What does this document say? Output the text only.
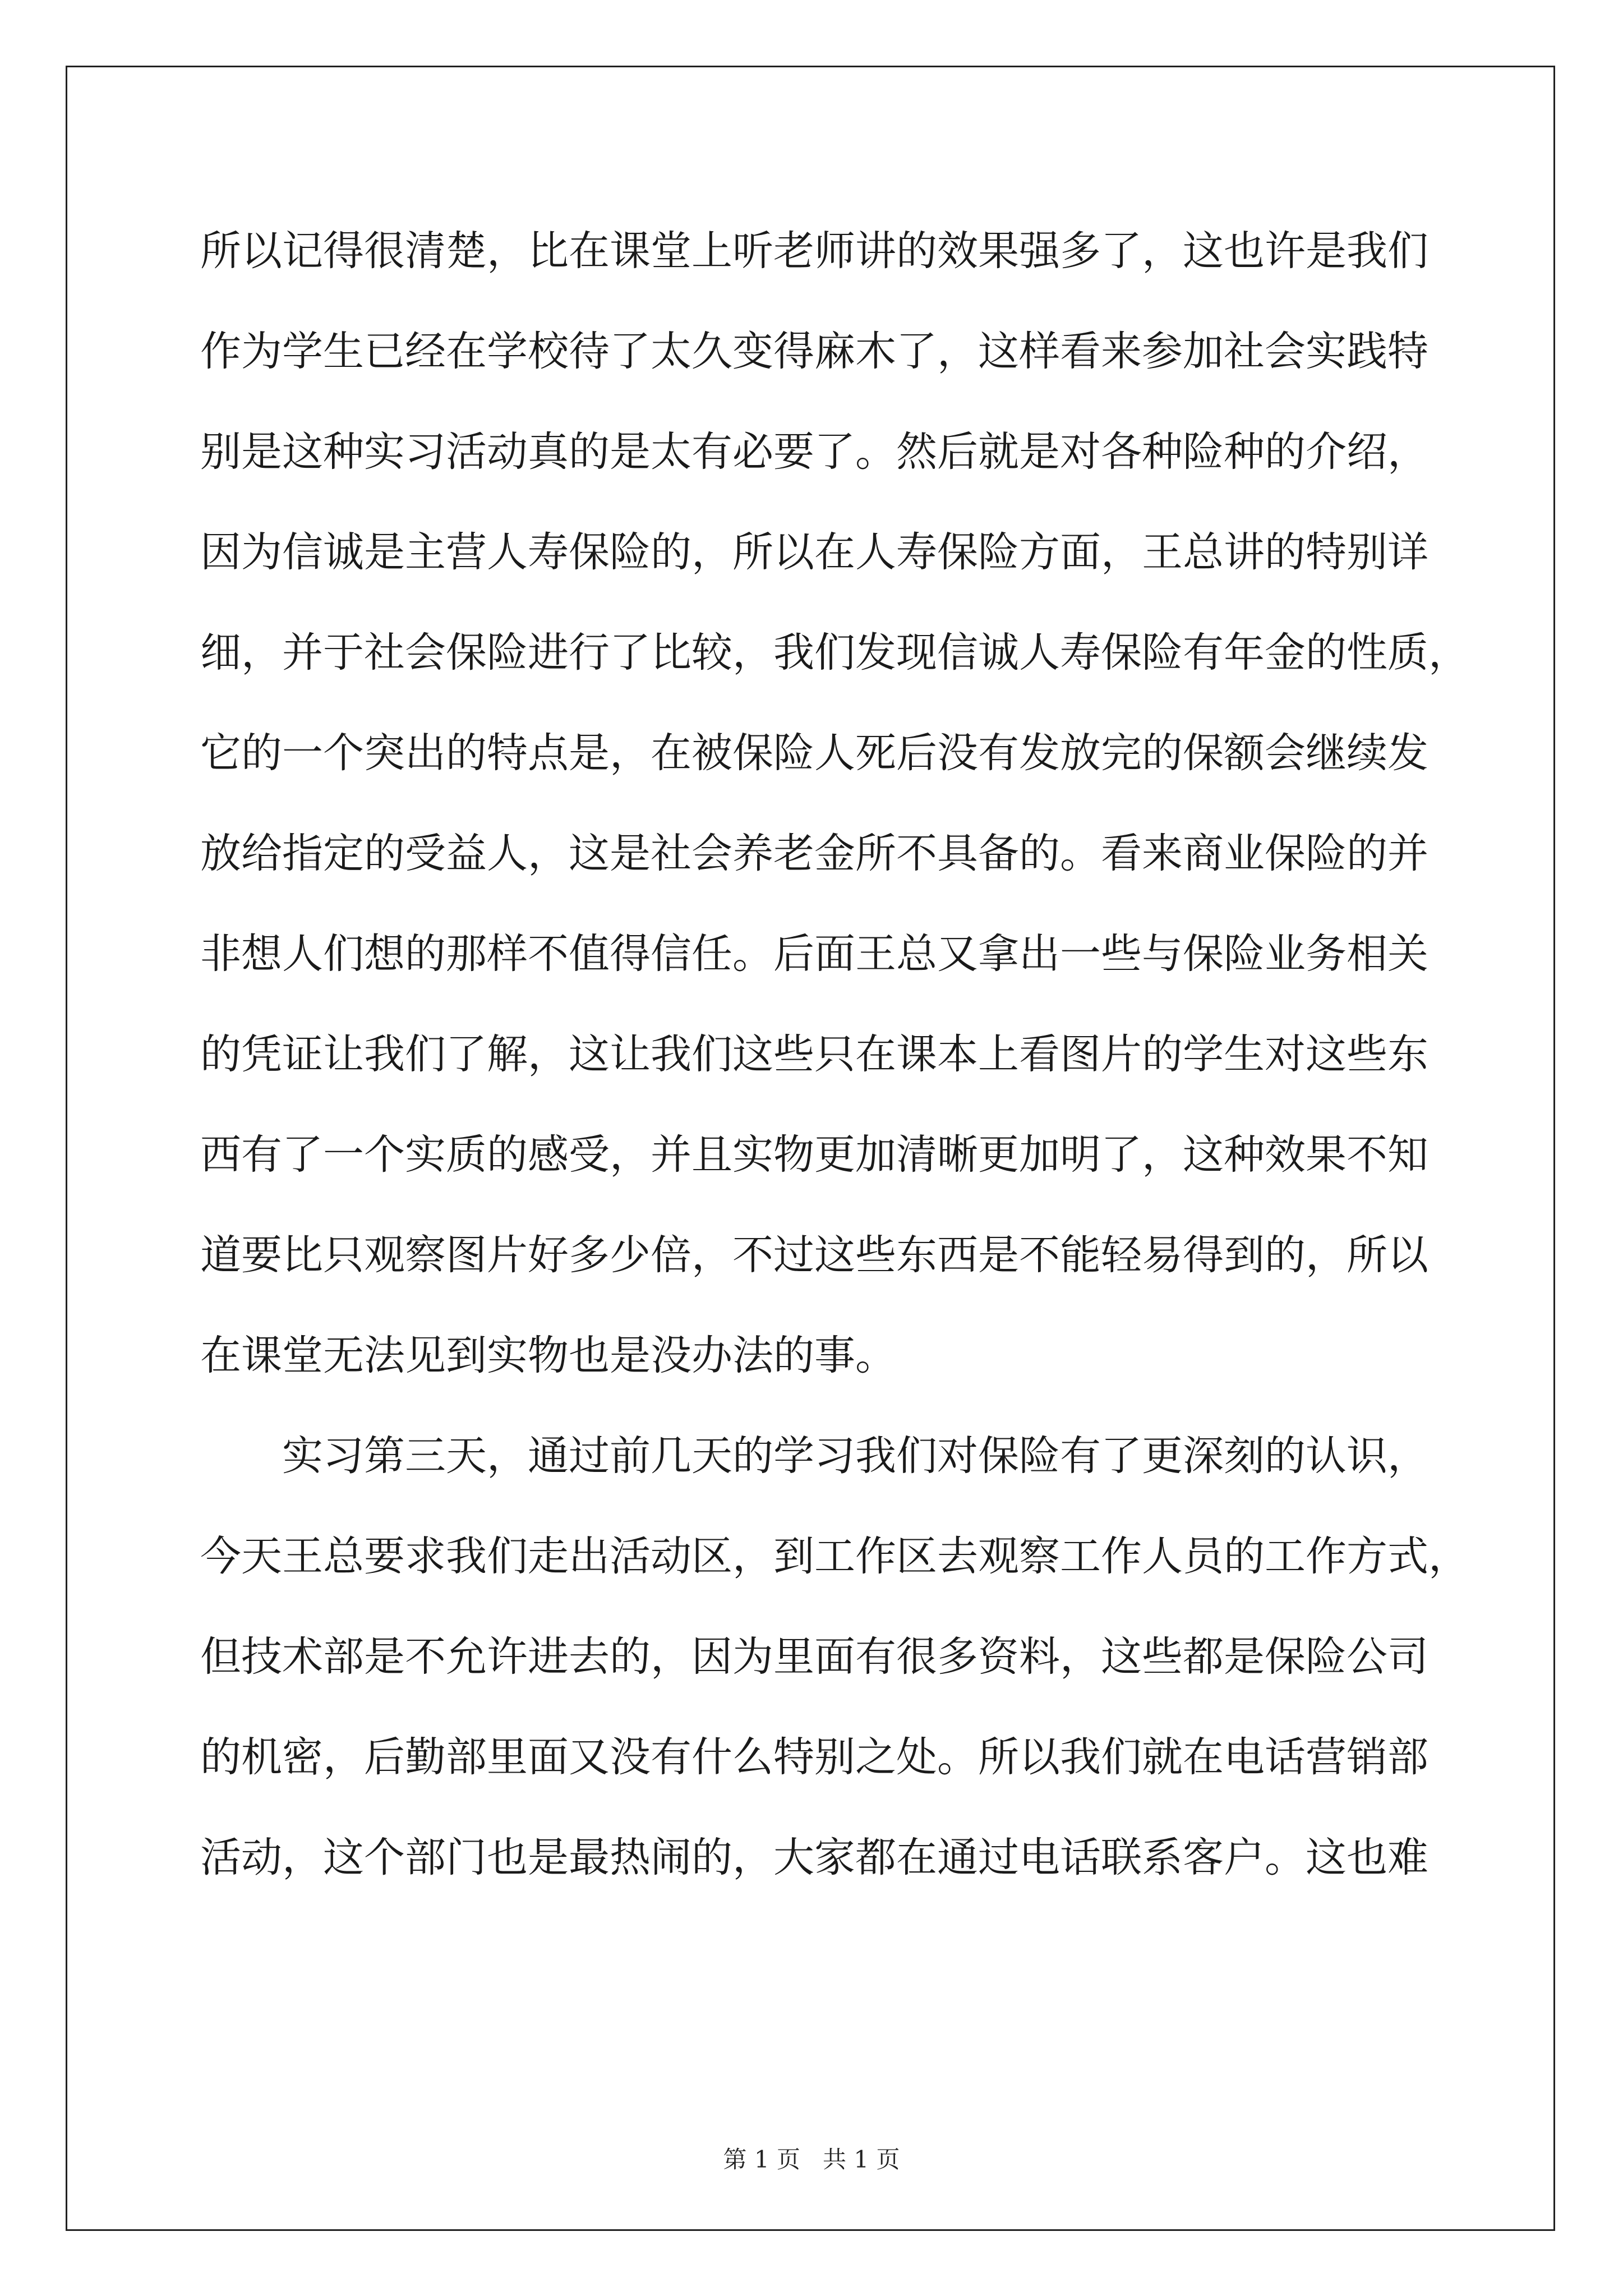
所以记得很清楚，比在课堂上听老师讲的效果强多了，这也许是我们
作为学生已经在学校待了太久变得麻木了，这样看来参加社会实践特
别是这种实习活动真的是太有必要了。然后就是对各种险种的介绍，
因为信诚是主营人寿保险的，所以在人寿保险方面，王总讲的特别详
细，并于社会保险进行了比较，我们发现信诚人寿保险有年金的性质，
它的一个突出的特点是，在被保险人死后没有发放完的保额会继续发
放给指定的受益人，这是社会养老金所不具备的。看来商业保险的并
非想人们想的那样不值得信任。后面王总又拿出一些与保险业务相关
的凭证让我们了解，这让我们这些只在课本上看图片的学生对这些东
西有了一个实质的感受，并且实物更加清晰更加明了，这种效果不知
道要比只观察图片好多少倍，不过这些东西是不能轻易得到的，所以
在课堂无法见到实物也是没办法的事。
实习第三天，通过前几天的学习我们对保险有了更深刻的认识，
今天王总要求我们走出活动区，到工作区去观察工作人员的工作方式，
但技术部是不允许进去的，因为里面有很多资料，这些都是保险公司
的机密，后勤部里面又没有什么特别之处。所以我们就在电话营销部
活动，这个部门也是最热闹的，大家都在通过电话联系客户。这也难
第 1 页   共 1 页
